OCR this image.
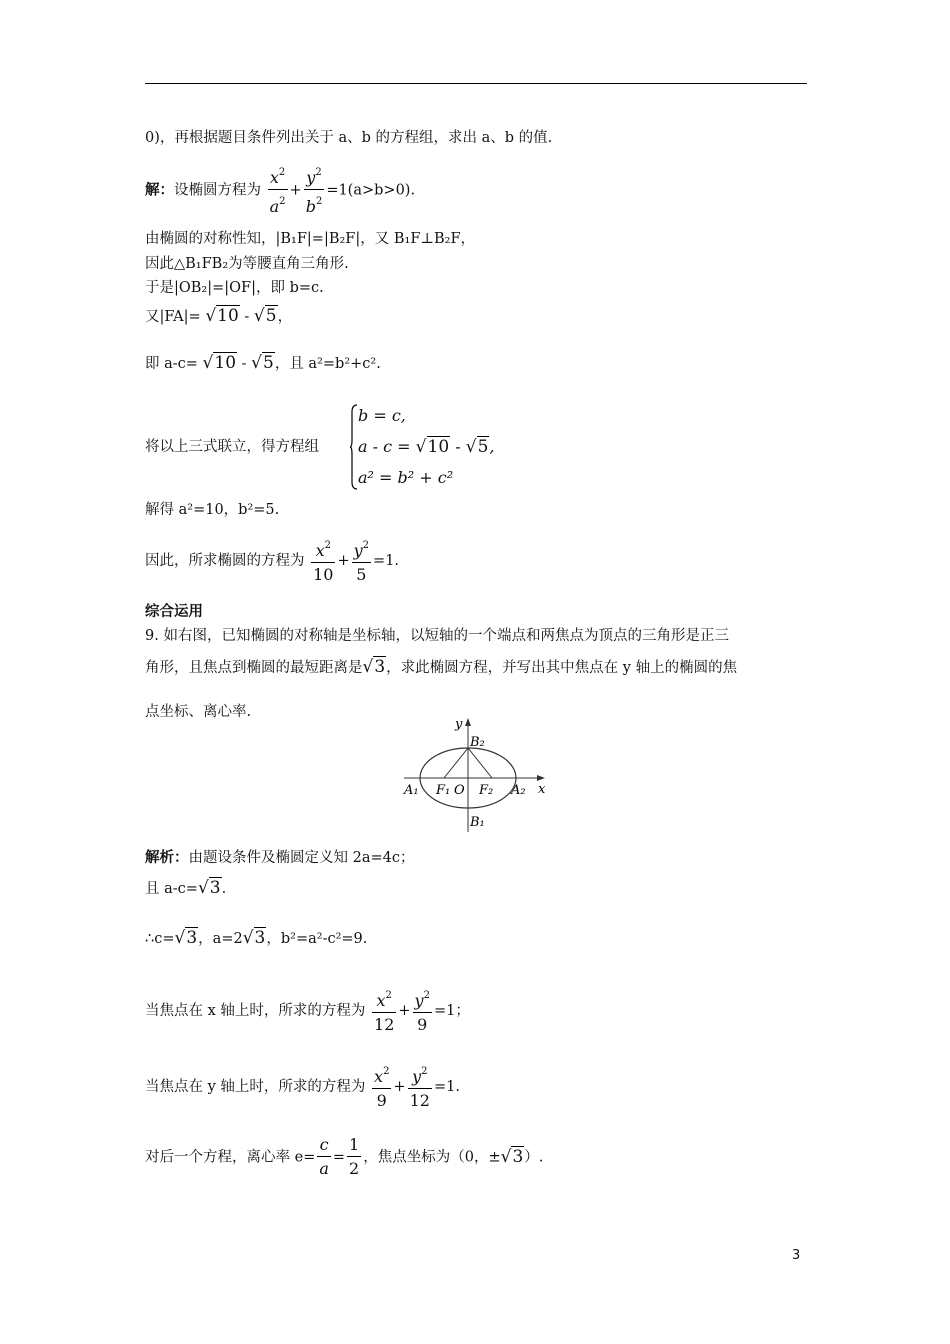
0)，再根据题目条件列出关于 a、b 的方程组，求出 a、b 的值.
解：设椭圆方程为 $\frac{x^2}{a^2} + \frac{y^2}{b^2} =1(a>b>0)$.
由椭圆的对称性知，|B₁F|=|B₂F|，又 B₁F⊥B₂F，
因此△B₁FB₂为等腰直角三角形.
于是|OB₂|=|OF|，即 b=c.
又|FA|= √10 - √5，
即 a-c= √10 - √5，且 a²=b²+c².
将以上三式联立，得方程组
b = c,
a - c = √10 - √5,
a² = b² + c²
解得 a²=10，b²=5.
因此，所求椭圆的方程为 $\frac{x^2}{10} + \frac{y^2}{5} =1$.
综合运用
9. 如右图，已知椭圆的对称轴是坐标轴，以短轴的一个端点和两焦点为顶点的三角形是正三
角形，且焦点到椭圆的最短距离是√3，求此椭圆方程，并写出其中焦点在 y 轴上的椭圆的焦
点坐标、离心率.
y
x
B₂
B₁
A₁	A₂
F₁ O F₂
解析：由题设条件及椭圆定义知 2a=4c；
且 a-c=√3.
∴c=√3，a=2√3，b²=a²-c²=9.
当焦点在 x 轴上时，所求的方程为 $\frac{x^2}{12} + \frac{y^2}{9} =1$；
当焦点在 y 轴上时，所求的方程为 $\frac{x^2}{9} + \frac{y^2}{12} =1$.
对后一个方程，离心率 $e= \frac{c}{a} = \frac{1}{2}$ ，焦点坐标为（0，±√3）.
3
